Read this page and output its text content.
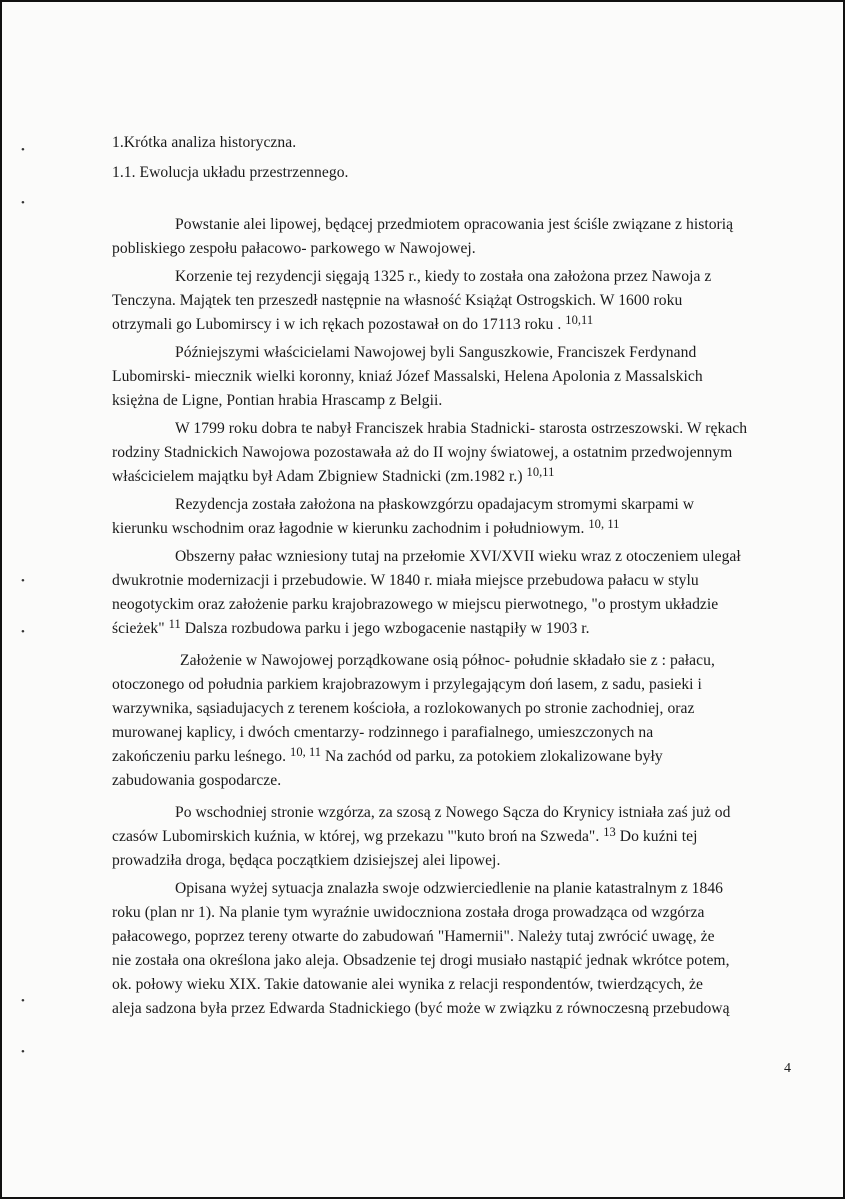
1.Krótka analiza historyczna.
1.1. Ewolucja układu przestrzennego.
Powstanie alei lipowej, będącej przedmiotem opracowania jest ściśle związane z historią
pobliskiego zespołu pałacowo- parkowego w Nawojowej.
Korzenie tej rezydencji sięgają 1325 r., kiedy to została ona założona przez Nawoja z
Tenczyna. Majątek ten przeszedł następnie na własność Książąt Ostrogskich. W 1600 roku
otrzymali go Lubomirscy i w ich rękach pozostawał on do 17113 roku . $^{10,11}$
Późniejszymi właścicielami Nawojowej byli Sanguszkowie, Franciszek Ferdynand
Lubomirski- miecznik wielki koronny, kniaź Józef Massalski, Helena Apolonia z Massalskich
księżna de Ligne, Pontian hrabia Hrascamp z Belgii.
W 1799 roku dobra te nabył Franciszek hrabia Stadnicki- starosta ostrzeszowski. W rękach
rodziny Stadnickich Nawojowa pozostawała aż do II wojny światowej, a ostatnim przedwojennym
właścicielem majątku był Adam Zbigniew Stadnicki (zm.1982 r.) $^{10,11}$
Rezydencja została założona na płaskowzgórzu opadajacym stromymi skarpami w
kierunku wschodnim oraz łagodnie w kierunku zachodnim i południowym. $^{10, 11}$
Obszerny pałac wzniesiony tutaj na przełomie XVI/XVII wieku wraz z otoczeniem ulegał
dwukrotnie modernizacji i przebudowie. W 1840 r. miała miejsce przebudowa pałacu w stylu
neogotyckim oraz założenie parku krajobrazowego w miejscu pierwotnego, "o prostym układzie
ścieżek" $^{11}$ Dalsza rozbudowa parku i jego wzbogacenie nastąpiły w 1903 r.
Założenie w Nawojowej porządkowane osią północ- południe składało sie z : pałacu,
otoczonego od południa parkiem krajobrazowym i przylegającym doń lasem, z sadu, pasieki i
warzywnika, sąsiadujacych z terenem kościoła, a rozlokowanych po stronie zachodniej, oraz
murowanej kaplicy, i dwóch cmentarzy- rodzinnego i parafialnego, umieszczonych na
zakończeniu parku leśnego. $^{10, 11}$ Na zachód od parku, za potokiem zlokalizowane były
zabudowania gospodarcze.
Po wschodniej stronie wzgórza, za szosą z Nowego Sącza do Krynicy istniała zaś już od
czasów Lubomirskich kuźnia, w której, wg przekazu "'kuto broń na Szweda". $^{13}$ Do kuźni tej
prowadziła droga, będąca początkiem dzisiejszej alei lipowej.
Opisana wyżej sytuacja znalazła swoje odzwierciedlenie na planie katastralnym z 1846
roku (plan nr 1). Na planie tym wyraźnie uwidoczniona została droga prowadząca od wzgórza
pałacowego, poprzez tereny otwarte do zabudowań "Hamernii". Należy tutaj zwrócić uwagę, że
nie została ona określona jako aleja. Obsadzenie tej drogi musiało nastąpić jednak wkrótce potem,
ok. połowy wieku XIX. Takie datowanie alei wynika z relacji respondentów, twierdzących, że
aleja sadzona była przez Edwarda Stadnickiego (być może w związku z równoczesną przebudową
•
•
•
•
•
•
4
